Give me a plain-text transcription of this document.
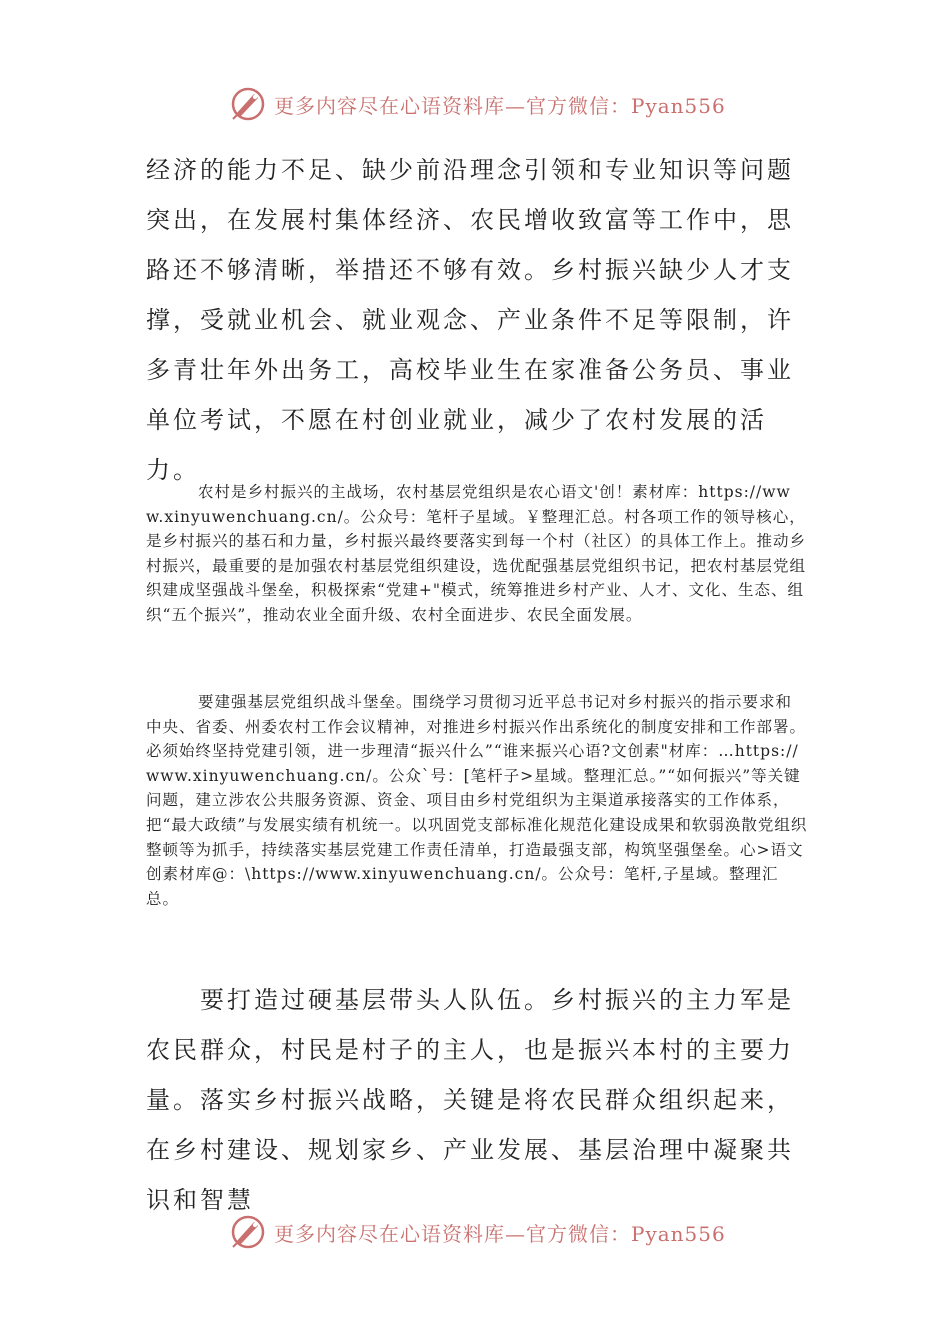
更多内容尽在心语资料库—官方微信：Pyan556

经济的能力不足、缺少前沿理念引领和专业知识等问题突出，在发展村集体经济、农民增收致富等工作中，思路还不够清晰，举措还不够有效。乡村振兴缺少人才支撑，受就业机会、就业观念、产业条件不足等限制，许多青壮年外出务工，高校毕业生在家准备公务员、事业单位考试，不愿在村创业就业，减少了农村发展的活力。

农村是乡村振兴的主战场，农村基层党组织是农心语文'创！素材库：https://www.xinyuwenchuang.cn/。公众号：笔杆子星域。￥整理汇总。村各项工作的领导核心，是乡村振兴的基石和力量，乡村振兴最终要落实到每一个村（社区）的具体工作上。推动乡村振兴，最重要的是加强农村基层党组织建设，选优配强基层党组织书记，把农村基层党组织建成坚强战斗堡垒，积极探索“党建+"模式，统筹推进乡村产业、人才、文化、生态、组织“五个振兴”，推动农业全面升级、农村全面进步、农民全面发展。

要建强基层党组织战斗堡垒。围绕学习贯彻习近平总书记对乡村振兴的指示要求和中央、省委、州委农村工作会议精神，对推进乡村振兴作出系统化的制度安排和工作部署。必须始终坚持党建引领，进一步理清“振兴什么”“谁来振兴心语?文创素"材库：…https://www.xinyuwenchuang.cn/。公众`号：[笔杆子>星域。整理汇总。”“如何振兴”等关键问题，建立涉农公共服务资源、资金、项目由乡村党组织为主渠道承接落实的工作体系，把“最大政绩”与发展实绩有机统一。以巩固党支部标准化规范化建设成果和软弱涣散党组织整顿等为抓手，持续落实基层党建工作责任清单，打造最强支部，构筑坚强堡垒。心>语文创素材库@：\https://www.xinyuwenchuang.cn/。公众号：笔杆,子星域。整理汇总。

要打造过硬基层带头人队伍。乡村振兴的主力军是农民群众，村民是村子的主人，也是振兴本村的主要力量。落实乡村振兴战略，关键是将农民群众组织起来，在乡村建设、规划家乡、产业发展、基层治理中凝聚共识和智慧

更多内容尽在心语资料库—官方微信：Pyan556
